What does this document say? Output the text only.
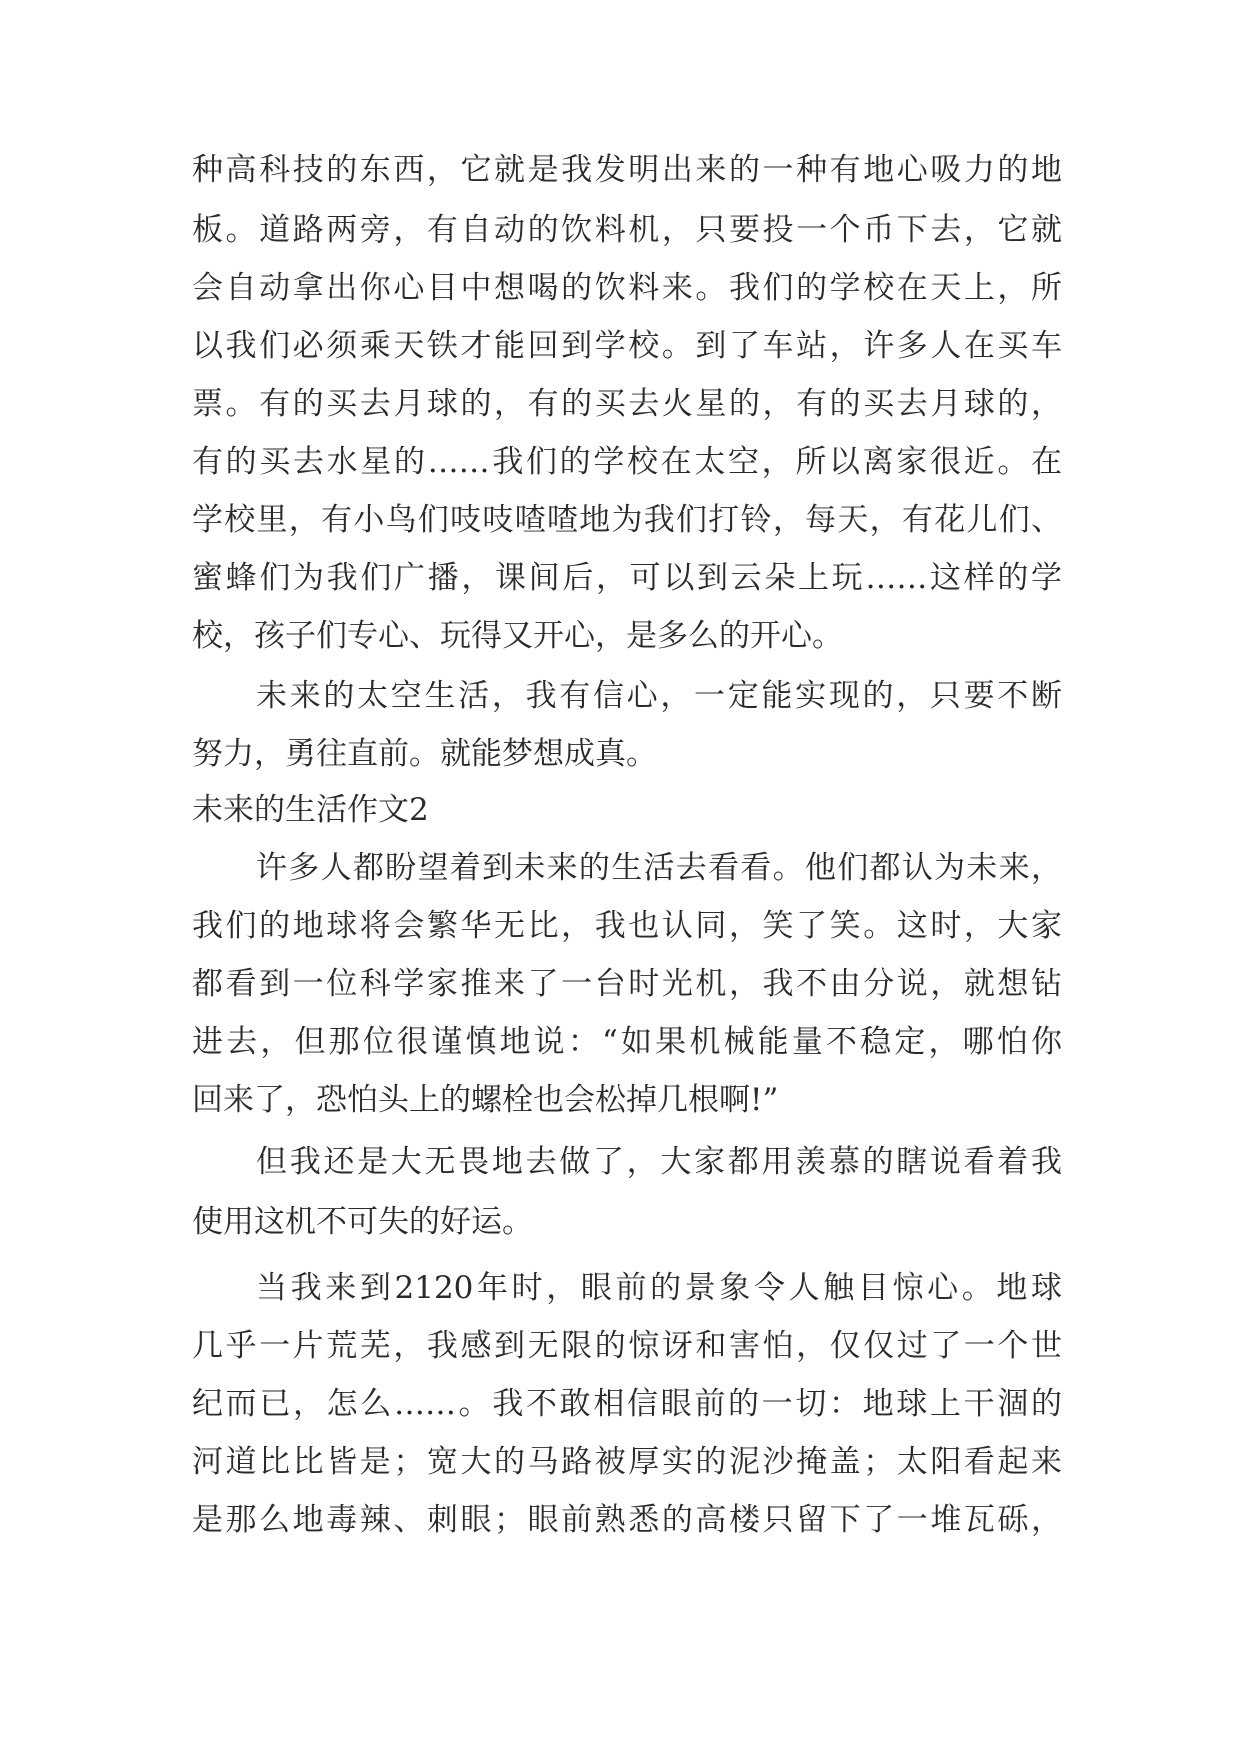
种高科技的东西，它就是我发明出来的一种有地心吸力的地
板。道路两旁，有自动的饮料机，只要投一个币下去，它就
会自动拿出你心目中想喝的饮料来。我们的学校在天上，所
以我们必须乘天铁才能回到学校。到了车站，许多人在买车
票。有的买去月球的，有的买去火星的，有的买去月球的，
有的买去水星的……我们的学校在太空，所以离家很近。在
学校里，有小鸟们吱吱喳喳地为我们打铃，每天，有花儿们、
蜜蜂们为我们广播，课间后，可以到云朵上玩……这样的学
校，孩子们专心、玩得又开心，是多么的开心。
未来的太空生活，我有信心，一定能实现的，只要不断
努力，勇往直前。就能梦想成真。
未来的生活作文2
许多人都盼望着到未来的生活去看看。他们都认为未来，
我们的地球将会繁华无比，我也认同，笑了笑。这时，大家
都看到一位科学家推来了一台时光机，我不由分说，就想钻
进去，但那位很谨慎地说：“如果机械能量不稳定，哪怕你
回来了，恐怕头上的螺栓也会松掉几根啊!”
但我还是大无畏地去做了，大家都用羡慕的瞎说看着我
使用这机不可失的好运。
当我来到2120年时，眼前的景象令人触目惊心。地球
几乎一片荒芜，我感到无限的惊讶和害怕，仅仅过了一个世
纪而已，怎么……。我不敢相信眼前的一切：地球上干涸的
河道比比皆是；宽大的马路被厚实的泥沙掩盖；太阳看起来
是那么地毒辣、刺眼；眼前熟悉的高楼只留下了一堆瓦砾，
